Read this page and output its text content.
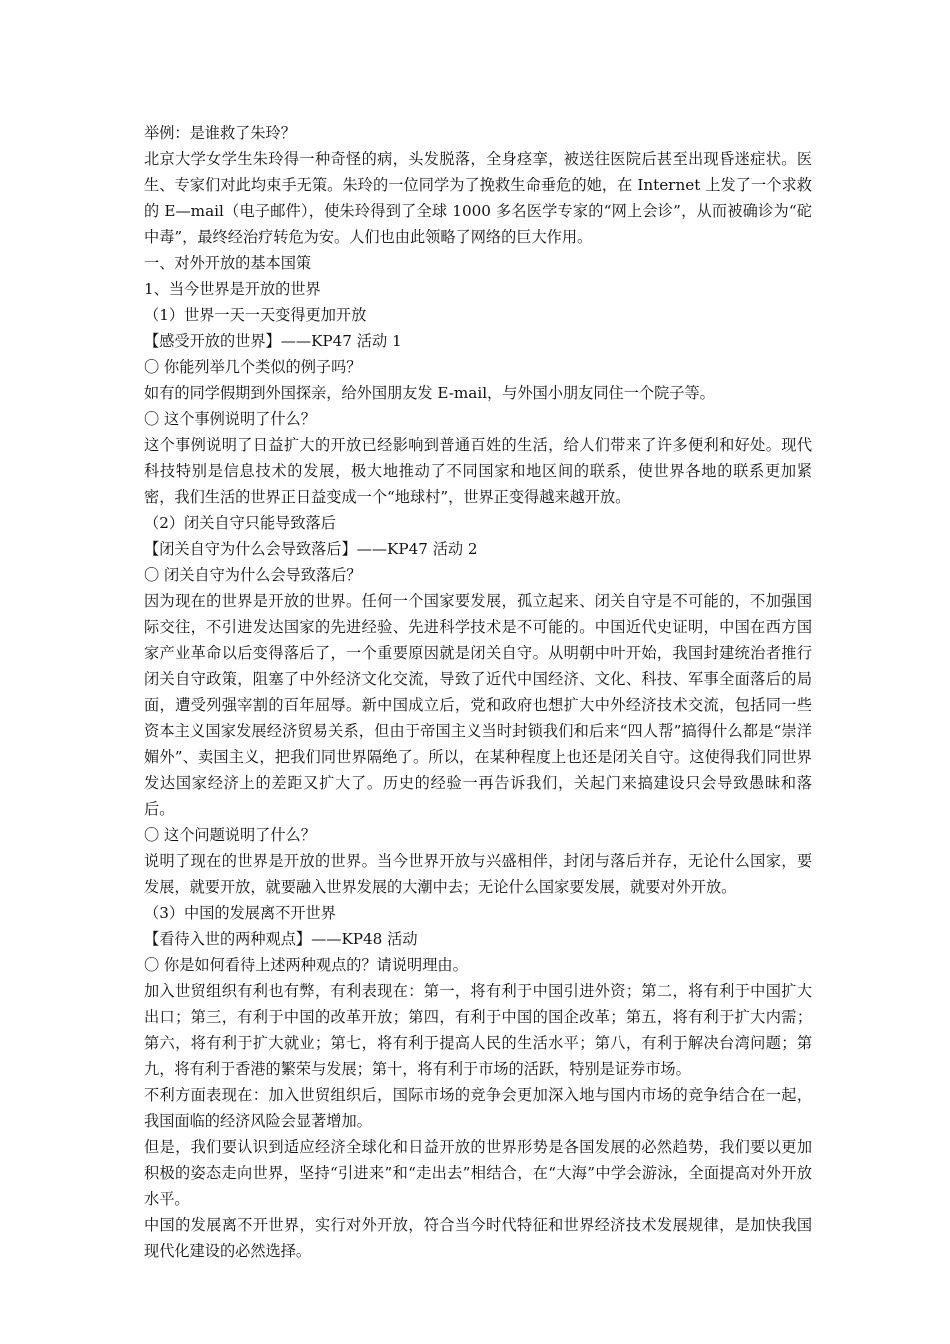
举例：是谁救了朱玲？

北京大学女学生朱玲得一种奇怪的病，头发脱落，全身痉挛，被送往医院后甚至出现昏迷症状。医生、专家们对此均束手无策。朱玲的一位同学为了挽救生命垂危的她，在 Internet 上发了一个求救的 E—mail（电子邮件），使朱玲得到了全球 1000 多名医学专家的“网上会诊”，从而被确诊为“砣中毒”，最终经治疗转危为安。人们也由此领略了网络的巨大作用。

一、对外开放的基本国策

1、当今世界是开放的世界

（1）世界一天一天变得更加开放

【感受开放的世界】——KP47 活动 1

〇 你能列举几个类似的例子吗？

如有的同学假期到外国探亲，给外国朋友发 E-mail，与外国小朋友同住一个院子等。

〇 这个事例说明了什么？

这个事例说明了日益扩大的开放已经影响到普通百姓的生活，给人们带来了许多便利和好处。现代科技特别是信息技术的发展，极大地推动了不同国家和地区间的联系，使世界各地的联系更加紧密，我们生活的世界正日益变成一个“地球村”，世界正变得越来越开放。

（2）闭关自守只能导致落后

【闭关自守为什么会导致落后】——KP47 活动 2

〇 闭关自守为什么会导致落后？

因为现在的世界是开放的世界。任何一个国家要发展，孤立起来、闭关自守是不可能的，不加强国际交往，不引进发达国家的先进经验、先进科学技术是不可能的。中国近代史证明，中国在西方国家产业革命以后变得落后了，一个重要原因就是闭关自守。从明朝中叶开始，我国封建统治者推行闭关自守政策，阻塞了中外经济文化交流，导致了近代中国经济、文化、科技、军事全面落后的局面，遭受列强宰割的百年屈辱。新中国成立后，党和政府也想扩大中外经济技术交流，包括同一些资本主义国家发展经济贸易关系，但由于帝国主义当时封锁我们和后来“四人帮”搞得什么都是“崇洋媚外”、卖国主义，把我们同世界隔绝了。所以，在某种程度上也还是闭关自守。这使得我们同世界发达国家经济上的差距又扩大了。历史的经验一再告诉我们，关起门来搞建设只会导致愚昧和落后。

〇 这个问题说明了什么？

说明了现在的世界是开放的世界。当今世界开放与兴盛相伴，封闭与落后并存，无论什么国家，要发展，就要开放，就要融入世界发展的大潮中去；无论什么国家要发展，就要对外开放。

（3）中国的发展离不开世界

【看待入世的两种观点】——KP48 活动

〇 你是如何看待上述两种观点的？请说明理由。

加入世贸组织有利也有弊，有利表现在：第一，将有利于中国引进外资；第二，将有利于中国扩大出口；第三，有利于中国的改革开放；第四，有利于中国的国企改革；第五，将有利于扩大内需；第六，将有利于扩大就业；第七，将有利于提高人民的生活水平；第八，有利于解决台湾问题；第九，将有利于香港的繁荣与发展；第十，将有利于市场的活跃，特别是证券市场。

不利方面表现在：加入世贸组织后，国际市场的竞争会更加深入地与国内市场的竞争结合在一起，我国面临的经济风险会显著增加。

但是，我们要认识到适应经济全球化和日益开放的世界形势是各国发展的必然趋势，我们要以更加积极的姿态走向世界，坚持“引进来”和“走出去”相结合，在“大海”中学会游泳，全面提高对外开放水平。

中国的发展离不开世界，实行对外开放，符合当今时代特征和世界经济技术发展规律，是加快我国现代化建设的必然选择。
